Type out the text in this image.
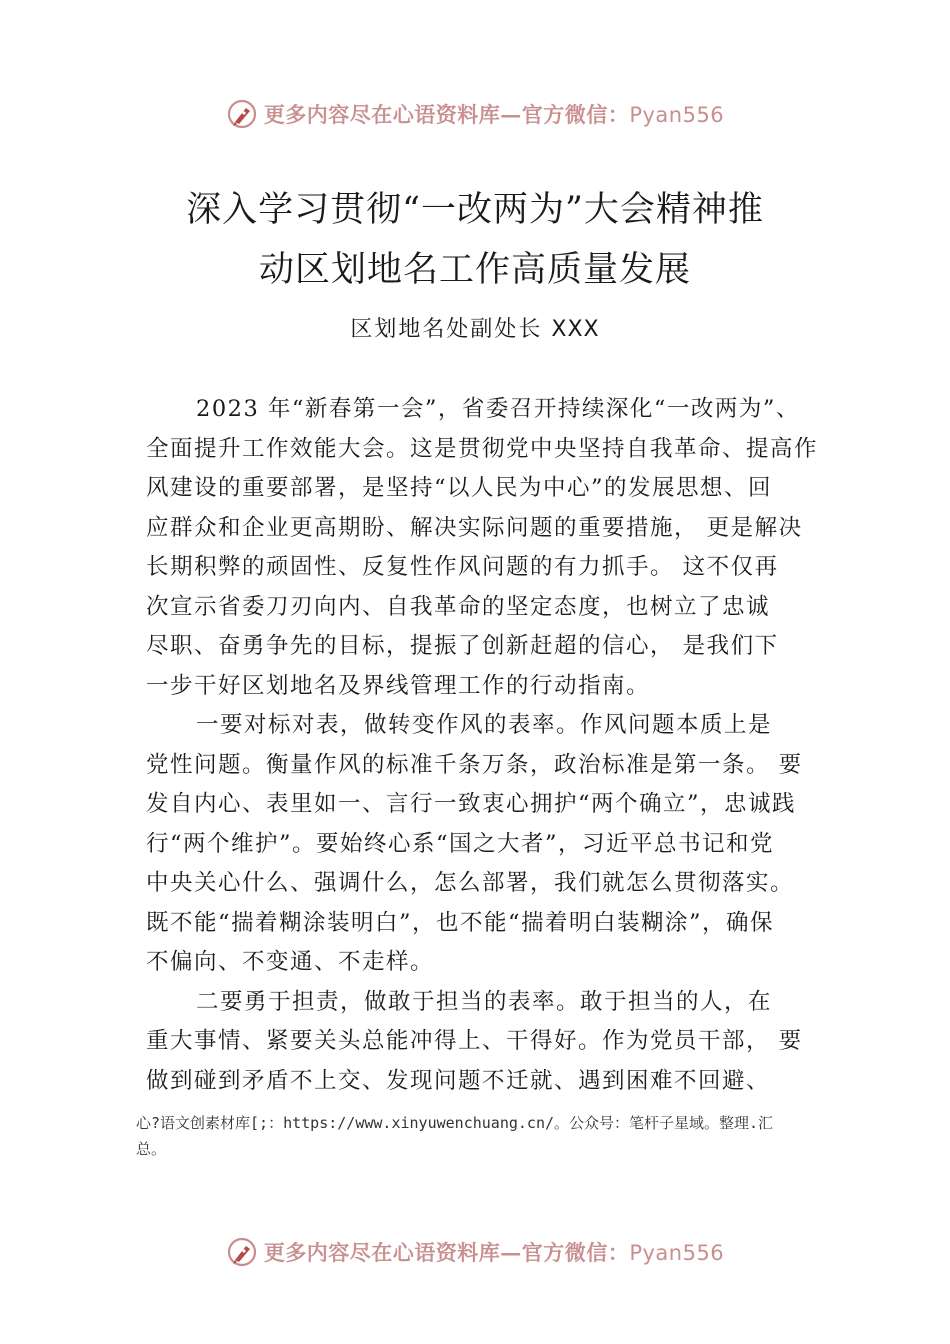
更多内容尽在心语资料库—官方微信：Pyan556
深入学习贯彻“一改两为”大会精神推
动区划地名工作高质量发展
区划地名处副处长 XXX
2023 年“新春第一会”，省委召开持续深化“一改两为”、
全面提升工作效能大会。这是贯彻党中央坚持自我革命、提高作
风建设的重要部署，是坚持“以人民为中心”的发展思想、回
应群众和企业更高期盼、解决实际问题的重要措施， 更是解决
长期积弊的顽固性、反复性作风问题的有力抓手。 这不仅再
次宣示省委刀刃向内、自我革命的坚定态度，也树立了忠诚
尽职、奋勇争先的目标，提振了创新赶超的信心， 是我们下
一步干好区划地名及界线管理工作的行动指南。
一要对标对表，做转变作风的表率。作风问题本质上是
党性问题。衡量作风的标准千条万条，政治标准是第一条。 要
发自内心、表里如一、言行一致衷心拥护“两个确立”，忠诚践
行“两个维护”。要始终心系“国之大者”，习近平总书记和党
中央关心什么、强调什么，怎么部署，我们就怎么贯彻落实。
既不能“揣着糊涂装明白”，也不能“揣着明白装糊涂”，确保
不偏向、不变通、不走样。
二要勇于担责，做敢于担当的表率。敢于担当的人，在
重大事情、紧要关头总能冲得上、干得好。作为党员干部， 要
做到碰到矛盾不上交、发现问题不迁就、遇到困难不回避、
心?语文创素材库[;：https://www.xinyuwenchuang.cn/。公众号：笔杆子星域。整理.汇
总。
更多内容尽在心语资料库—官方微信：Pyan556
